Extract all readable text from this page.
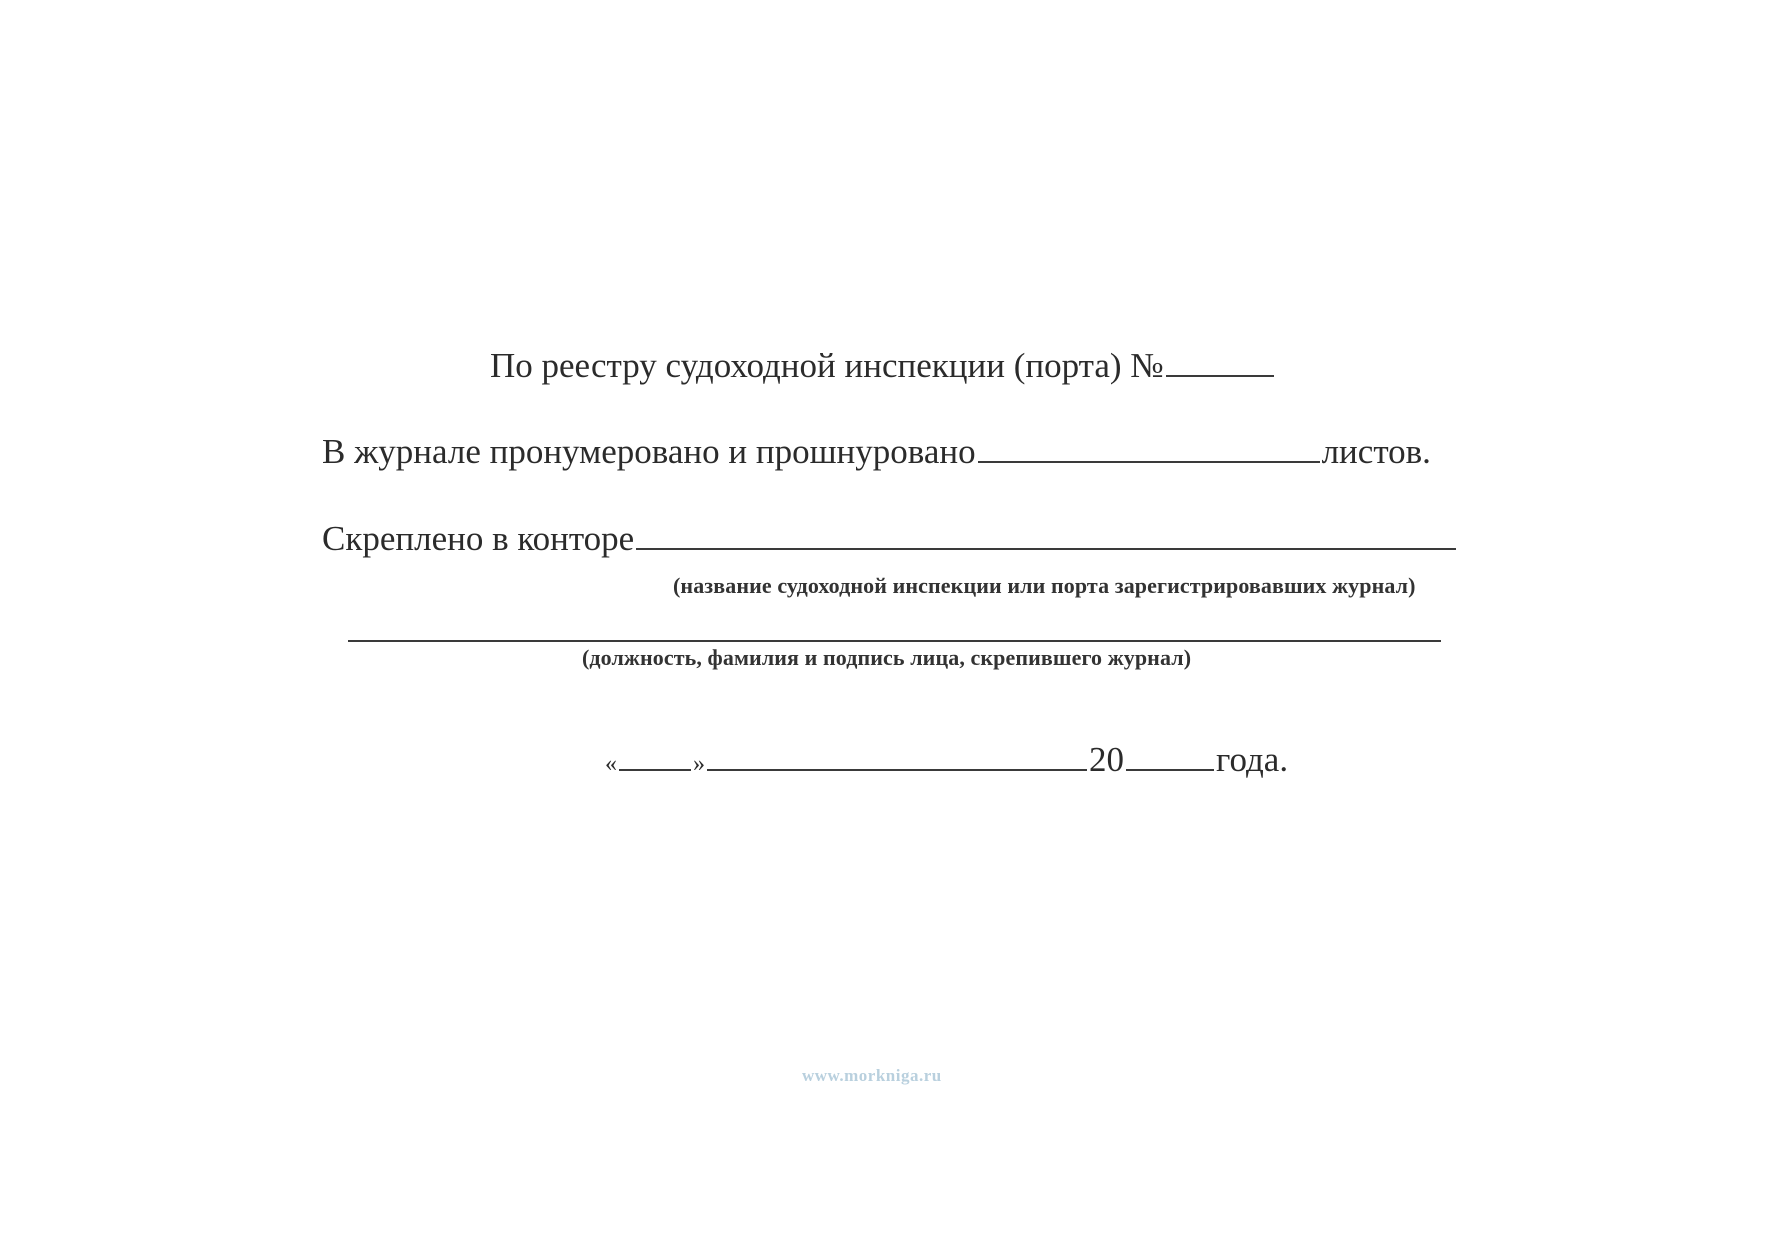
По реестру судоходной инспекции (порта) №
В журнале пронумеровано и прошнуровано	листов.
Скреплено в конторе
(название судоходной инспекции или порта зарегистрировавших журнал)
(должность, фамилия и подпись лица, скрепившего журнал)
«	»	20	года.
www.morkniga.ru
